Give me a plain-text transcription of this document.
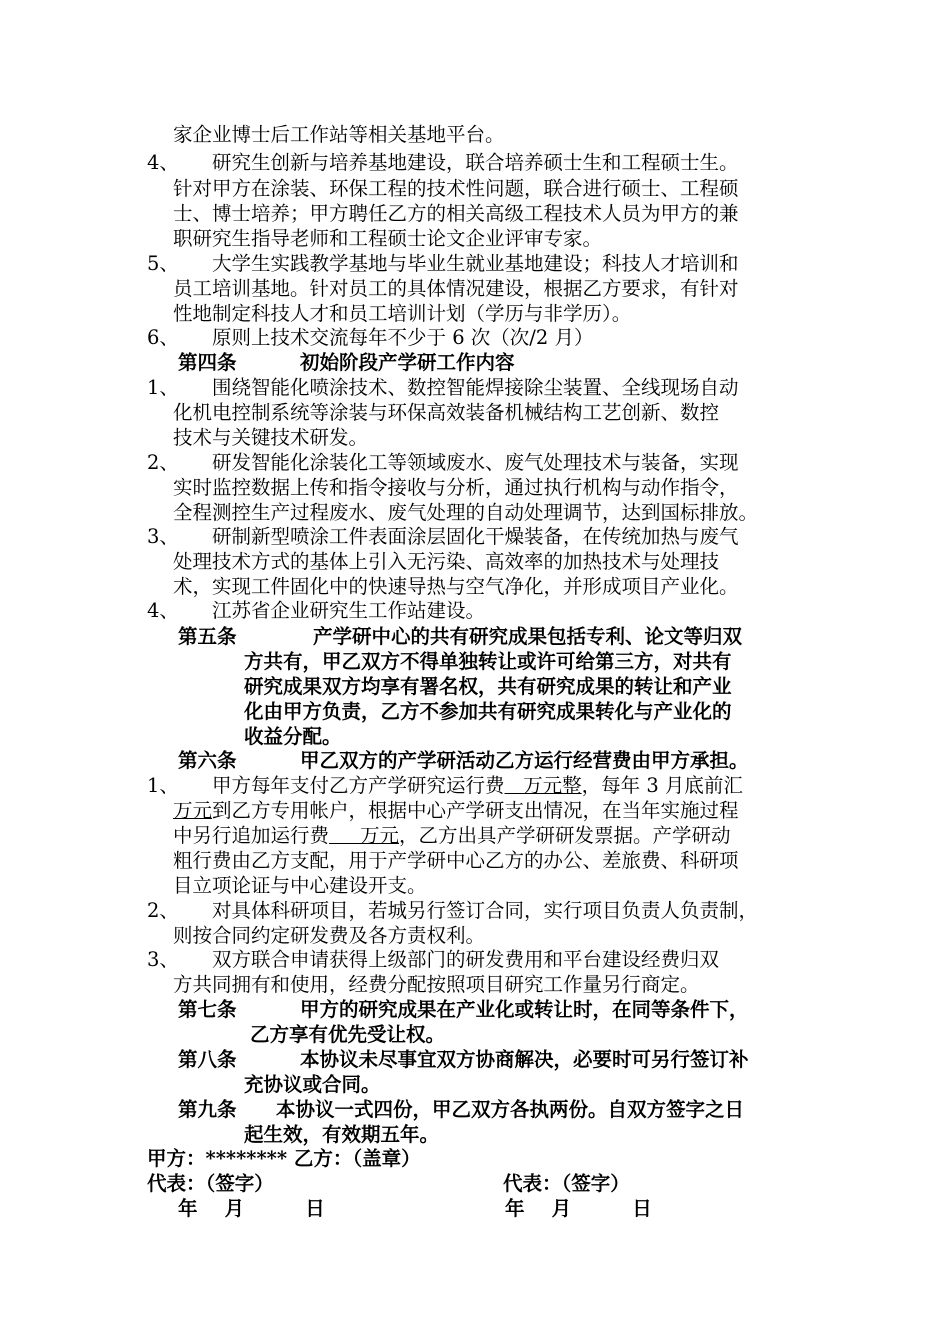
家企业博士后工作站等相关基地平台。
4、 研究生创新与培养基地建设，联合培养硕士生和工程硕士生。
针对甲方在涂装、环保工程的技术性问题，联合进行硕士、工程硕
士、博士培养；甲方聘任乙方的相关高级工程技术人员为甲方的兼
职研究生指导老师和工程硕士论文企业评审专家。
5、 大学生实践教学基地与毕业生就业基地建设；科技人才培训和
员工培训基地。针对员工的具体情况建设，根据乙方要求，有针对
性地制定科技人才和员工培训计划（学历与非学历）。
6、 原则上技术交流每年不少于 6 次（次/2 月）
第四条	初始阶段产学研工作内容
1、 围绕智能化喷涂技术、数控智能焊接除尘装置、全线现场自动
化机电控制系统等涂装与环保高效装备机械结构工艺创新、数控
技术与关键技术研发。
2、 研发智能化涂装化工等领域废水、废气处理技术与装备，实现
实时监控数据上传和指令接收与分析，通过执行机构与动作指令，
全程测控生产过程废水、废气处理的自动处理调节，达到国标排放。
3、 研制新型喷涂工件表面涂层固化干燥装备，在传统加热与废气
处理技术方式的基体上引入无污染、高效率的加热技术与处理技
术，实现工件固化中的快速导热与空气净化，并形成项目产业化。
4、 江苏省企业研究生工作站建设。
第五条	产学研中心的共有研究成果包括专利、论文等归双
方共有，甲乙双方不得单独转让或许可给第三方，对共有
研究成果双方均享有署名权，共有研究成果的转让和产业
化由甲方负责，乙方不参加共有研究成果转化与产业化的
收益分配。
第六条	甲乙双方的产学研活动乙方运行经营费由甲方承担。
1、 甲方每年支付乙方产学研究运行费   万元整，每年 3 月底前汇
万元到乙方专用帐户，根据中心产学研支出情况，在当年实施过程
中另行追加运行费     万元，乙方出具产学研研发票据。产学研动
粗行费由乙方支配，用于产学研中心乙方的办公、差旅费、科研项
目立项论证与中心建设开支。
2、 对具体科研项目，若城另行签订合同，实行项目负责人负责制，
则按合同约定研发费及各方责权利。
3、 双方联合申请获得上级部门的研发费用和平台建设经费归双
方共同拥有和使用，经费分配按照项目研究工作量另行商定。
第七条	甲方的研究成果在产业化或转让时，在同等条件下，
乙方享有优先受让权。
第八条	本协议未尽事宜双方协商解决，必要时可另行签订补
充协议或合同。
第九条 本协议一式四份，甲乙双方各执两份。自双方签字之日
起生效，有效期五年。
甲方：******** 乙方：（盖章）
代表：（签字）	代表：（签字）
年    月         日	年    月         日
